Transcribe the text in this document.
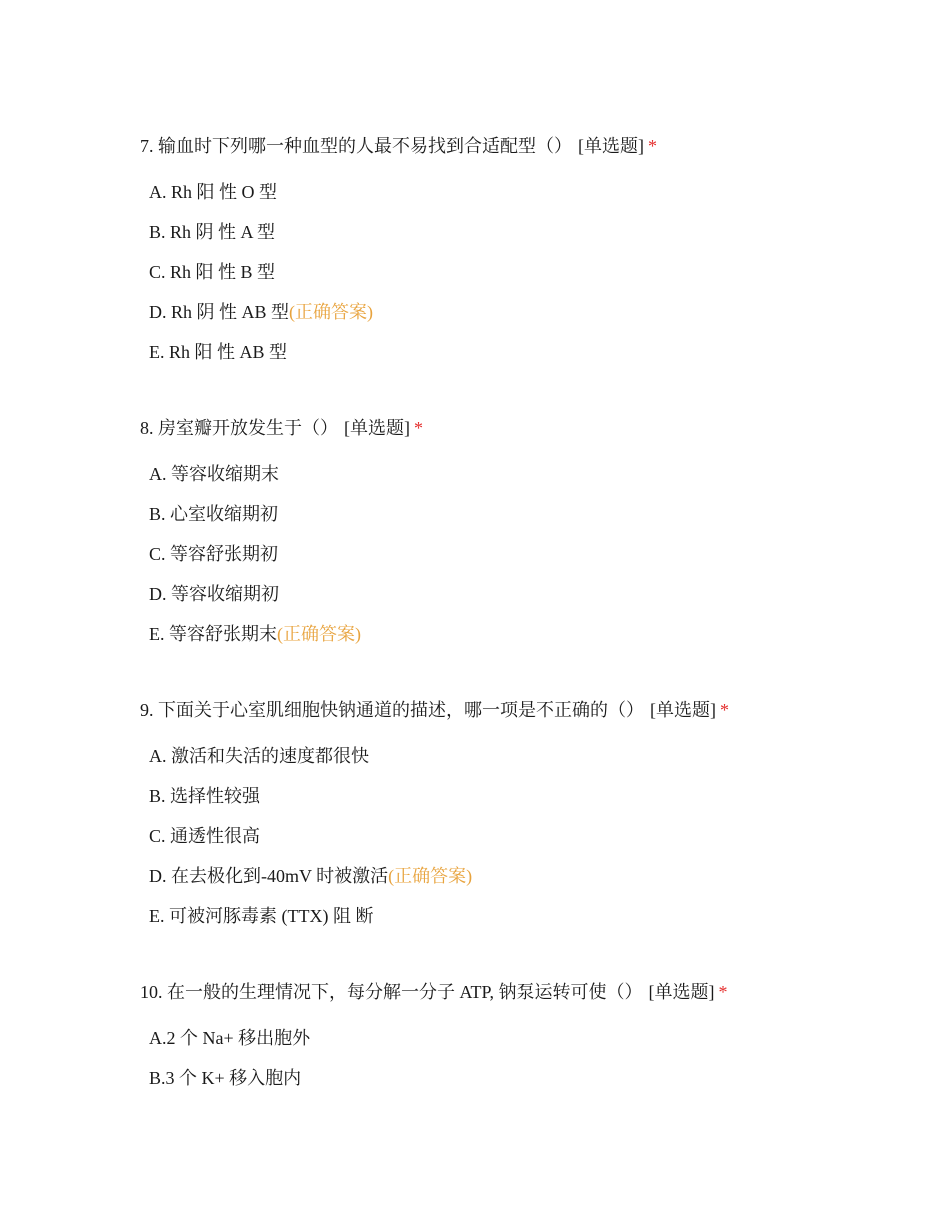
7. 输血时下列哪一种血型的人最不易找到合适配型（） [单选题] *
A. Rh 阳 性 O 型
B. Rh 阴 性 A 型
C. Rh 阳 性 B 型
D. Rh 阴 性 AB 型(正确答案)
E. Rh 阳 性 AB 型
8. 房室瓣开放发生于（） [单选题] *
A. 等容收缩期末
B. 心室收缩期初
C. 等容舒张期初
D. 等容收缩期初
E. 等容舒张期末(正确答案)
9. 下面关于心室肌细胞快钠通道的描述，哪一项是不正确的（） [单选题] *
A. 激活和失活的速度都很快
B. 选择性较强
C. 通透性很高
D. 在去极化到-40mV 时被激活(正确答案)
E. 可被河豚毒素 (TTX) 阻 断
10. 在一般的生理情况下，每分解一分子 ATP, 钠泵运转可使（） [单选题] *
A.2 个 Na+ 移出胞外
B.3 个 K+ 移入胞内
